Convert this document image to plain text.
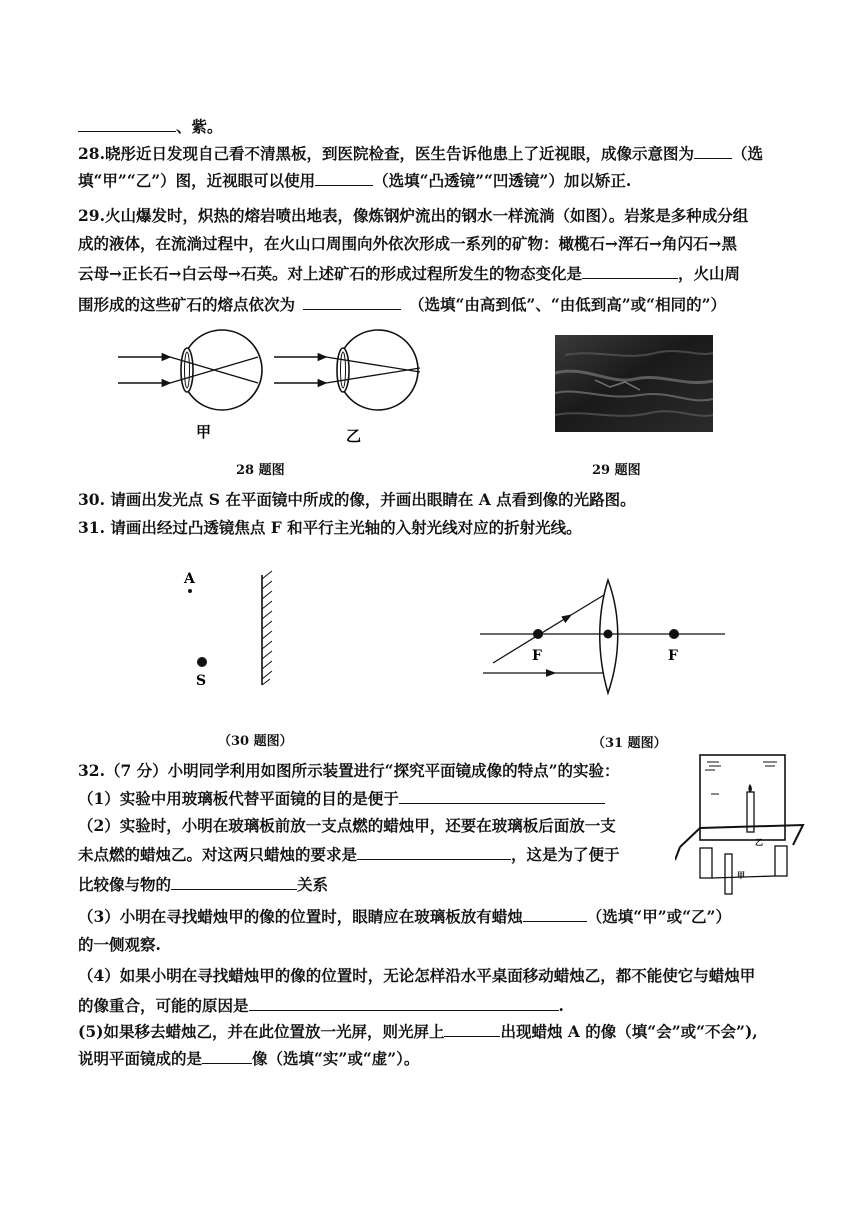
、紫。
28.晓彤近日发现自己看不清黑板，到医院检查，医生告诉他患上了近视眼，成像示意图为 （选
填“甲”“乙”）图，近视眼可以使用	（选填“凸透镜”“凹透镜”）加以矫正.
29.火山爆发时，炽热的熔岩喷出地表，像炼钢炉流出的钢水一样流淌（如图）。岩浆是多种成分组
成的液体，在流淌过程中，在火山口周围向外依次形成一系列的矿物：橄榄石→浑石→角闪石→黑
云母→正长石→白云母→石英。对上述矿石的形成过程所发生的物态变化是	，火山周
围形成的这些矿石的熔点依次为	（选填“由高到低”、“由低到高”或“相同的”）
甲	乙
28 题图	29 题图
30. 请画出发光点 S 在平面镜中所成的像，并画出眼睛在 A 点看到像的光路图。
31. 请画出经过凸透镜焦点 F 和平行主光轴的入射光线对应的折射光线。
A
S
F	F
（30 题图）	（31 题图）
32.（7 分）小明同学利用如图所示装置进行“探究平面镜成像的特点”的实验：
（1）实验中用玻璃板代替平面镜的目的是便于
（2）实验时，小明在玻璃板前放一支点燃的蜡烛甲，还要在玻璃板后面放一支
未点燃的蜡烛乙。对这两只蜡烛的要求是	，这是为了便于
比较像与物的	关系
（3）小明在寻找蜡烛甲的像的位置时，眼睛应在玻璃板放有蜡烛	（选填“甲”或“乙”）
的一侧观察.
（4）如果小明在寻找蜡烛甲的像的位置时，无论怎样沿水平桌面移动蜡烛乙，都不能使它与蜡烛甲
的像重合，可能的原因是	.
(5)如果移去蜡烛乙，并在此位置放一光屏，则光屏上	出现蜡烛 A 的像（填“会”或“不会”),
说明平面镜成的是	像（选填“实”或“虚”）。
乙
甲
